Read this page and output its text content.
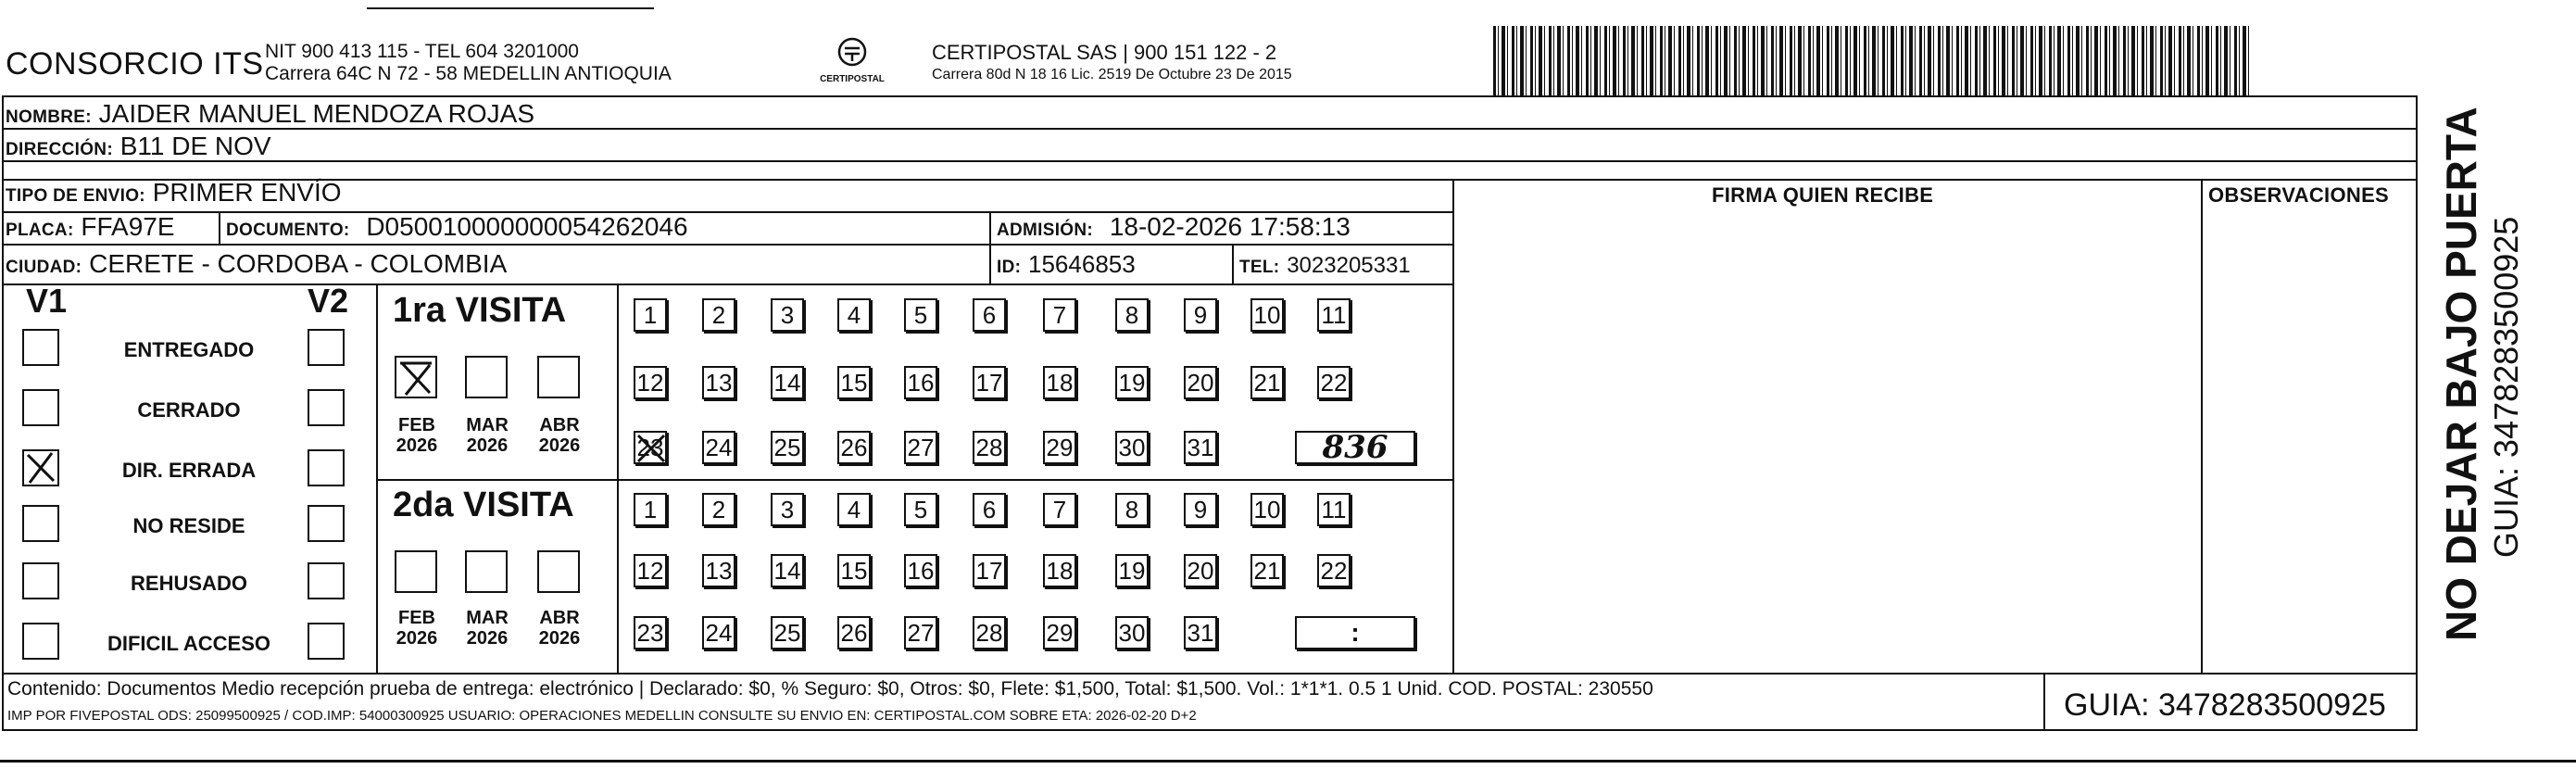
CONSORCIO ITS NIT 900 413 115 - TEL 604 3201000
Carrera 64C N 72 - 58 MEDELLIN ANTIOQUIA	CERTIPOSTAL
CERTIPOSTAL SAS | 900 151 122 - 2
Carrera 80d N 18 16 Lic. 2519 De Octubre 23 De 2015
NOMBRE: JAIDER MANUEL MENDOZA ROJAS
DIRECCIÓN: B11 DE NOV
TIPO DE ENVIO: PRIMER ENVÍO	FIRMA QUIEN RECIBE	OBSERVACIONES
PLACA: FFA97E	DOCUMENTO: D050010000000054262046	ADMISIÓN: 18-02-2026 17:58:13
CIUDAD: CERETE - CORDOBA - COLOMBIA	ID: 15646853	TEL: 3023205331
V1	V2
ENTREGADO
CERRADO
DIR. ERRADA
NO RESIDE
REHUSADO
DIFICIL ACCESO
1ra VISITA
2da VISITA
FEB
2026
MAR
2026
ABR
2026
FEB
2026
MAR
2026
ABR
2026
1	2	3	4	5	6	7	8	9	10 11
12 13 14 15 16 17 18 19 20 21 22
23 24 25 26 27 28 29 30 31	836
1	2	3	4	5	6	7	8	9	10 11
12 13 14 15 16 17 18 19 20 21 22
23 24 25 26 27 28 29 30 31	:
Contenido: Documentos Medio recepción prueba de entrega: electrónico | Declarado: $0, % Seguro: $0, Otros: $0, Flete: $1,500, Total: $1,500. Vol.: 1*1*1. 0.5 1 Unid. COD. POSTAL: 230550
IMP POR FIVEPOSTAL ODS: 25099500925 / COD.IMP: 54000300925 USUARIO: OPERACIONES MEDELLIN CONSULTE SU ENVIO EN: CERTIPOSTAL.COM SOBRE ETA: 2026-02-20 D+2	GUIA: 3478283500925
NO DEJAR BAJO PUERTA GUIA: 3478283500925
